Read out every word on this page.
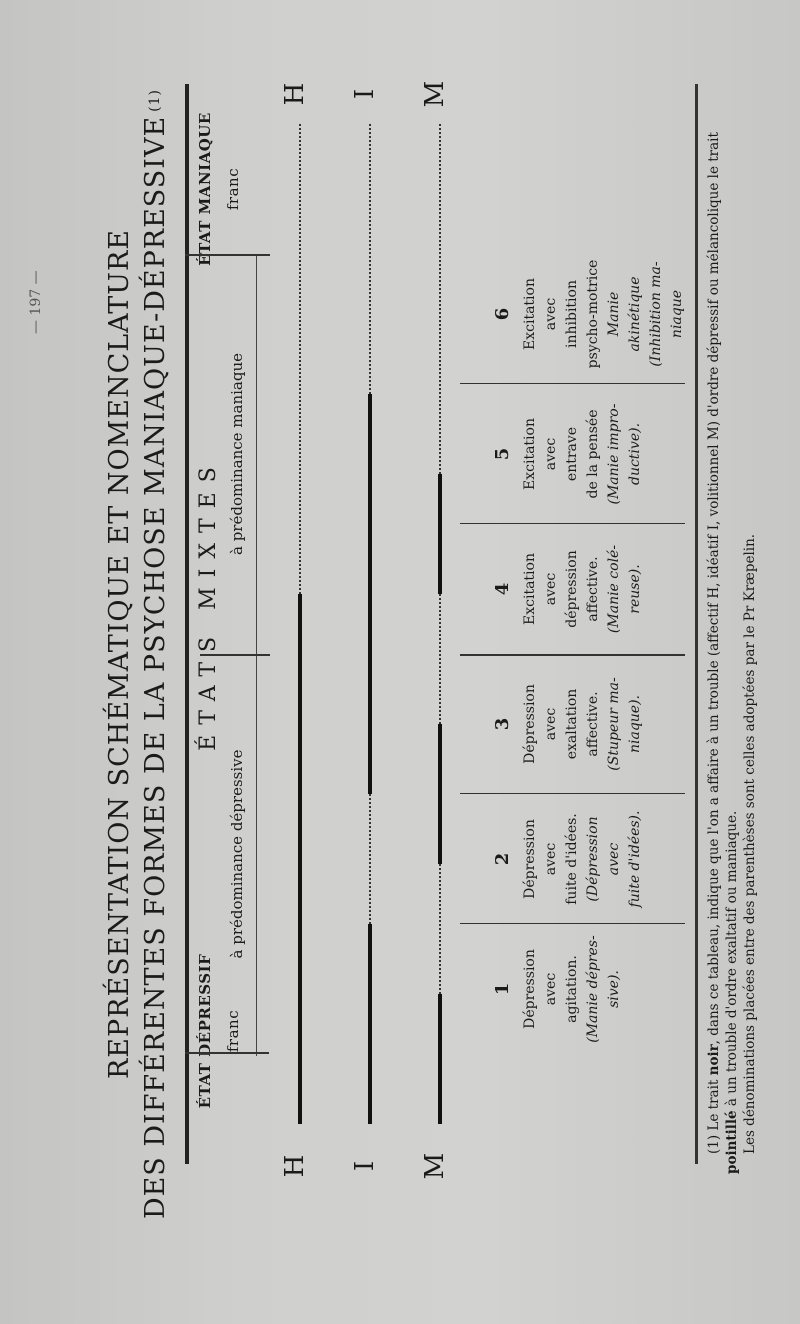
— 197 — REPRÉSENTATION SCHÉMATIQUE ET NOMENCLATURE DES DIFFÉRENTES FORMES DE LA PSYCHOSE MANIAQUE-DÉPRESSIVE(1)
ÉTAT DÉPRESSIF franc
ÉTATS MIXTES
ÉTAT MANIAQUE franc
à prédominance dépressive
à prédominance maniaque
H I M
H I M
1
2
3
4
5
6
Dépression avec agitation. (Manie dépres- sive).
Dépression avec fuite d'idées. (Dépression avec fuite d'idées).
Dépression avec exaltation affective. (Stupeur ma- niaque).
Excitation avec dépression affective. (Manie colé- reuse).
Excitation avec entrave de la pensée (Manie impro- ductive).
Excitation avec inhibition psycho-motrice Manie akinétique (Inhibition ma- niaque
(1) Le trait noir, dans ce tableau, indique que l'on a affaire à un trouble (affectif H, idéatif I, volitionnel M) d'ordre dépressif ou mélancolique le trait pointillé à un trouble d'ordre exaltatif ou maniaque. Les dénominations placées entre des parenthèses sont celles adoptées par le Pr Kræpelin.
